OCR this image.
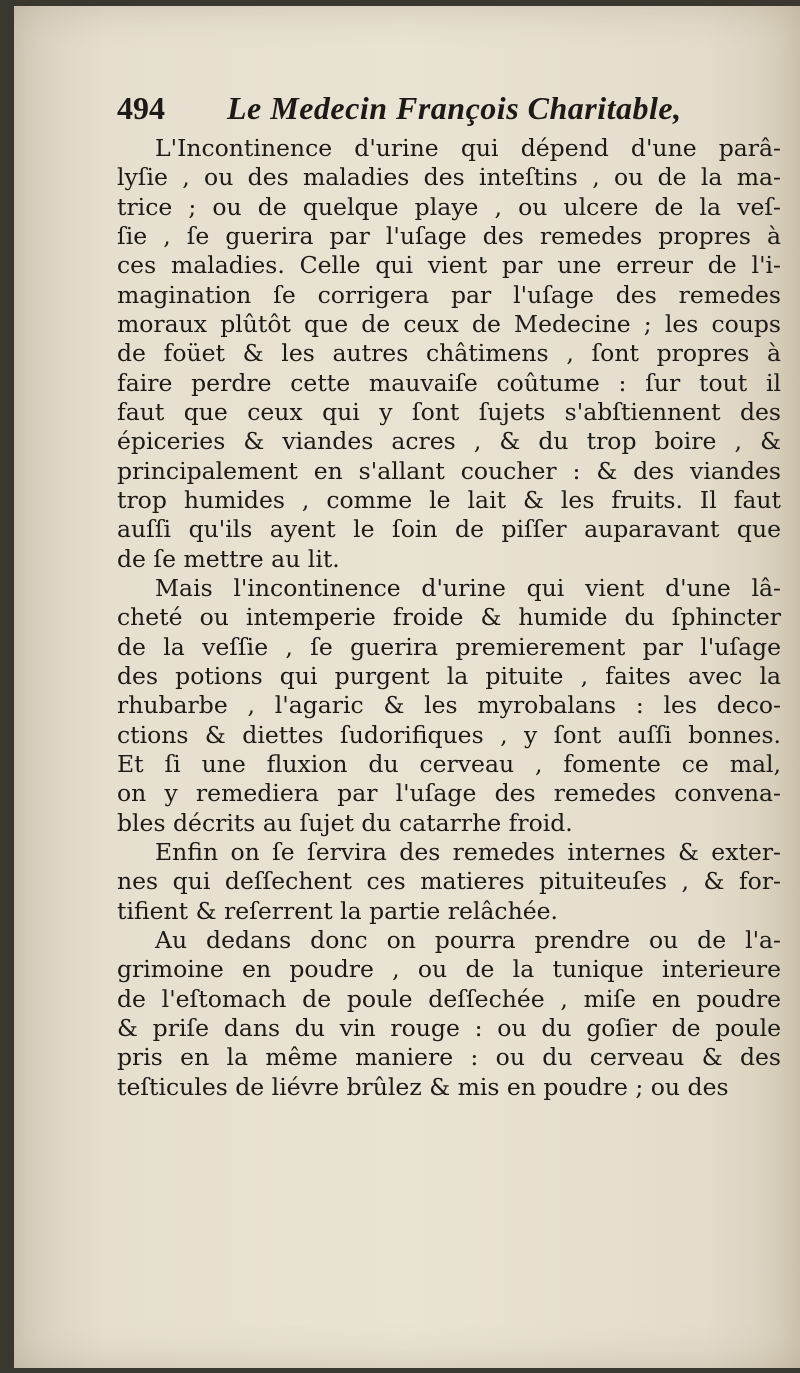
494 Le Medecin François Charitable,
L'Incontinence d'urine qui dépend d'une parâ-
lyſie , ou des maladies des inteſtins , ou de la ma-
trice ; ou de quelque playe , ou ulcere de la veſ-
ſie , ſe guerira par l'uſage des remedes propres à
ces maladies. Celle qui vient par une erreur de l'i-
magination ſe corrigera par l'uſage des remedes
moraux plûtôt que de ceux de Medecine ; les coups
de foüet & les autres châtimens , ſont propres à
faire perdre cette mauvaiſe coûtume : ſur tout il
faut que ceux qui y ſont ſujets s'abſtiennent des
épiceries & viandes acres , & du trop boire , &
principalement en s'allant coucher : & des viandes
trop humides , comme le lait & les fruits. Il faut
auſſi qu'ils ayent le ſoin de piſſer auparavant que
de ſe mettre au lit.
Mais l'incontinence d'urine qui vient d'une lâ-
cheté ou intemperie froide & humide du ſphincter
de la veſſie , ſe guerira premierement par l'uſage
des potions qui purgent la pituite , faites avec la
rhubarbe , l'agaric & les myrobalans : les deco-
ctions & diettes ſudorifiques , y ſont auſſi bonnes.
Et ſi une fluxion du cerveau , fomente ce mal,
on y remediera par l'uſage des remedes convena-
bles décrits au ſujet du catarrhe froid.
Enfin on ſe ſervira des remedes internes & exter-
nes qui deſſechent ces matieres pituiteuſes , & for-
tifient & reſerrent la partie relâchée.
Au dedans donc on pourra prendre ou de l'a-
grimoine en poudre , ou de la tunique interieure
de l'eſtomach de poule deſſechée , miſe en poudre
& priſe dans du vin rouge : ou du goſier de poule
pris en la même maniere : ou du cerveau & des
teſticules de liévre brûlez & mis en poudre ; ou des
